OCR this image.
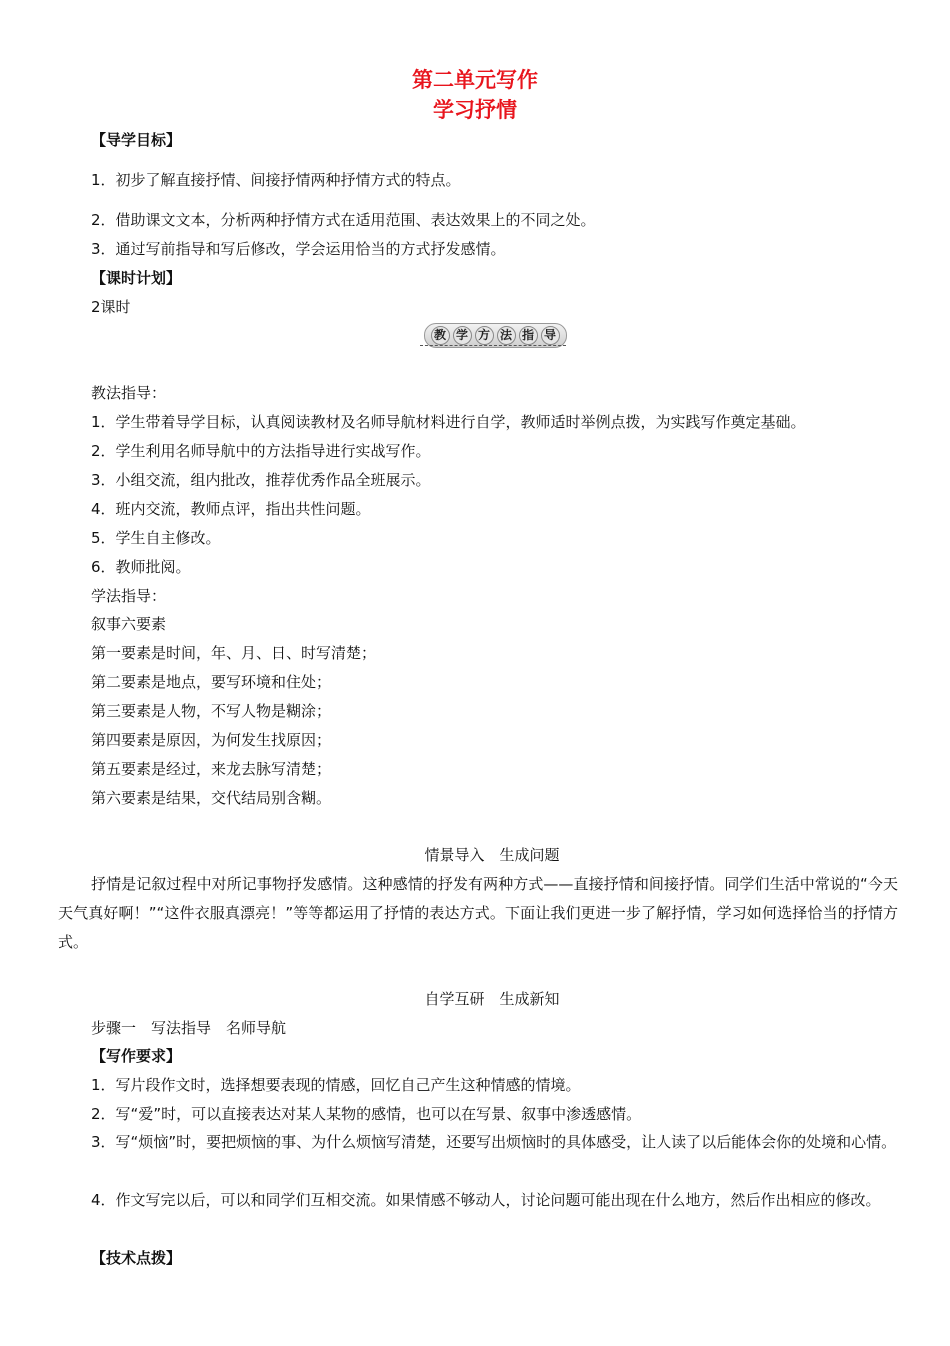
第二单元写作
学习抒情
【导学目标】
1．初步了解直接抒情、间接抒情两种抒情方式的特点。
2．借助课文文本，分析两种抒情方式在适用范围、表达效果上的不同之处。
3．通过写前指导和写后修改，学会运用恰当的方式抒发感情。
【课时计划】
2课时
教 学 方 法 指 导
教法指导：
1．学生带着导学目标，认真阅读教材及名师导航材料进行自学，教师适时举例点拨，为实践写作奠定基础。
2．学生利用名师导航中的方法指导进行实战写作。
3．小组交流，组内批改，推荐优秀作品全班展示。
4．班内交流，教师点评，指出共性问题。
5．学生自主修改。
6．教师批阅。
学法指导：
叙事六要素
第一要素是时间，年、月、日、时写清楚；
第二要素是地点，要写环境和住处；
第三要素是人物，不写人物是糊涂；
第四要素是原因，为何发生找原因；
第五要素是经过，来龙去脉写清楚；
第六要素是结果，交代结局别含糊。
情景导入　生成问题
抒情是记叙过程中对所记事物抒发感情。这种感情的抒发有两种方式——直接抒情和间接抒情。同学们生活中常说的“今天天气真好啊！”“这件衣服真漂亮！”等等都运用了抒情的表达方式。下面让我们更进一步了解抒情，学习如何选择恰当的抒情方式。
自学互研　生成新知
步骤一　写法指导　名师导航
【写作要求】
1．写片段作文时，选择想要表现的情感，回忆自己产生这种情感的情境。
2．写“爱”时，可以直接表达对某人某物的感情，也可以在写景、叙事中渗透感情。
3．写“烦恼”时，要把烦恼的事、为什么烦恼写清楚，还要写出烦恼时的具体感受，让人读了以后能体会你的处境和心情。
4．作文写完以后，可以和同学们互相交流。如果情感不够动人，讨论问题可能出现在什么地方，然后作出相应的修改。
【技术点拨】
